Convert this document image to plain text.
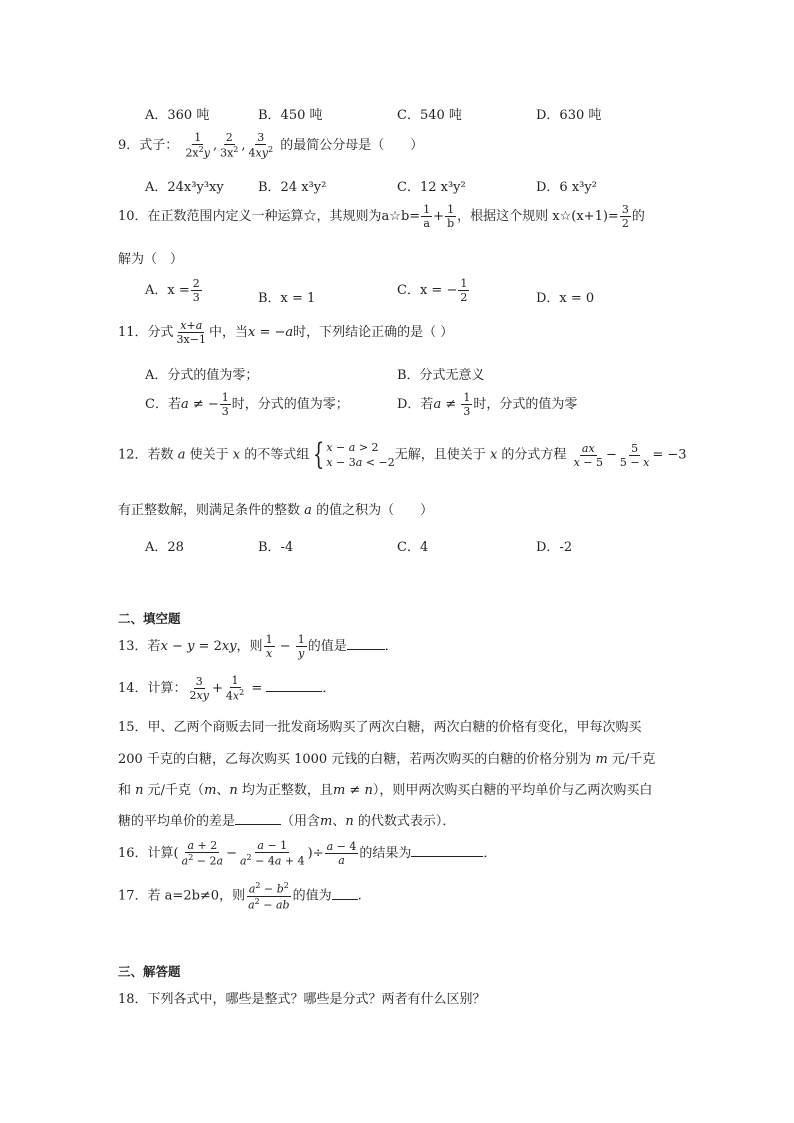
A．360 吨	B．450 吨	C．540 吨	D．630 吨
9．式子： $\frac{1}{2x^2y}$ , $\frac{2}{3x^2}$ , $\frac{3}{4xy^2}$ 的最简公分母是（　　）
A．24x³y³xy	B．24 x³y²	C．12 x³y²	D．6 x³y²
10．在正数范围内定义一种运算☆，其规则为a☆b= $\frac{1}{a} + \frac{1}{b}$ ，根据这个规则 x☆(x+1)= $\frac{3}{2}$ 的
解为（　）
A．$x = \frac{2}{3}$	B．x = 1
C．x = − $\frac{1}{2}$	D．x = 0
11．分式 $\frac{x+a}{3x-1}$ 中，当x = −a时，下列结论正确的是（ ）
A．分式的值为零；	B．分式无意义
C．若a ≠ − $\frac{1}{3}$ 时，分式的值为零；	D．若$a \ne \frac{1}{3}$ 时，分式的值为零
12．若数 a 使关于 x 的不等式组 { x − a > 2
x − 3a < −2 无解，且使关于 x 的分式方程 $\frac{ax}{x - 5} - \frac{5}{5 - x} = -3$
有正整数解，则满足条件的整数 a 的值之积为（　　）
A．28	B．-4	C．4	D．-2
二、填空题
13．若x − y = 2xy，则 $\frac{1}{x} - \frac{1}{y}$ 的值是	．
14．计算： $\frac{3}{2xy} + \frac{1}{4x^2}$ =	．
15．甲、乙两个商贩去同一批发商场购买了两次白糖，两次白糖的价格有变化，甲每次购买
200 千克的白糖，乙每次购买 1000 元钱的白糖，若两次购买的白糖的价格分别为 m 元/千克
和 n 元/千克（m、n 均为正整数，且m ≠ n），则甲两次购买白糖的平均单价与乙两次购买白
糖的平均单价的差是	（用含m、n 的代数式表示）．
16．计算( $\frac{a + 2}{a^2 - 2a} - \frac{a - 1}{a^2 - 4a + 4}$ )÷ $\frac{a - 4}{a}$ 的结果为	．
17．若 a=2b≠0，则 $\frac{a^2 - b^2}{a^2 - ab}$ 的值为 .
三、解答题
18．下列各式中，哪些是整式？哪些是分式？两者有什么区别？
